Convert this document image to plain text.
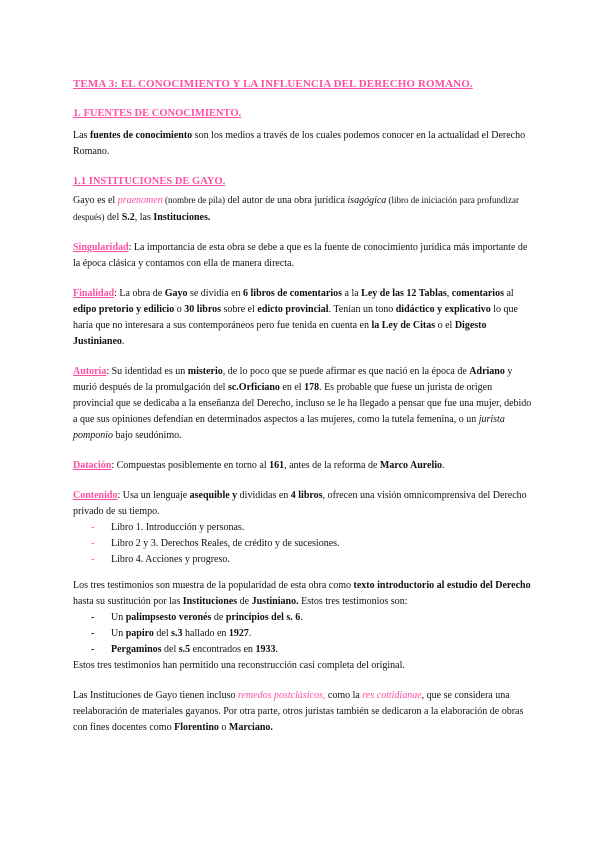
TEMA 3: EL CONOCIMIENTO Y LA INFLUENCIA DEL DERECHO ROMANO.
1. FUENTES DE CONOCIMIENTO.

Las fuentes de conocimiento son los medios a través de los cuales podemos conocer en la actualidad el Derecho Romano.

1.1 INSTITUCIONES DE GAYO.

Gayo es el praenomen (nombre de pila) del autor de una obra jurídica isagógica (libro de iniciación para profundizar después) del S.2, las Instituciones.

Singularidad: La importancia de esta obra se debe a que es la fuente de conocimiento jurídica más importante de la época clásica y contamos con ella de manera directa.

Finalidad: La obra de Gayo se dividía en 6 libros de comentarios a la Ley de las 12 Tablas, comentarios al edipo pretorio y edilicio o 30 libros sobre el edicto provincial. Tenían un tono didáctico y explicativo lo que haría que no interesara a sus contemporáneos pero fue tenida en cuenta en la Ley de Citas o el Digesto Justinianeo.

Autoría: Su identidad es un misterio, de lo poco que se puede afirmar es que nació en la época de Adriano y murió después de la promulgación del sc.Orficiano en el 178. Es probable que fuese un jurista de origen provincial que se dedicaba a la enseñanza del Derecho, incluso se le ha llegado a pensar que fue una mujer, debido a que sus opiniones defendían en determinados aspectos a las mujeres, como la tutela femenina, o un jurista pomponio bajo seudónimo.

Datación: Compuestas posiblemente en torno al 161, antes de la reforma de Marco Aurelio.

Contenido: Usa un lenguaje asequible y divididas en 4 libros, ofrecen una visión omnicomprensiva del Derecho privado de su tiempo.

- Libro 1. Introducción y personas.
- Libro 2 y 3. Derechos Reales, de crédito y de sucesiones.
- Libro 4. Acciones y progreso.

Los tres testimonios son muestra de la popularidad de esta obra como texto introductorio al estudio del Derecho hasta su sustitución por las Instituciones de Justiniano. Estos tres testimonios son:

- Un palimpsesto veronés de principios del s. 6.
- Un papiro del s.3 hallado en 1927.
- Pergaminos del s.5 encontrados en 1933.

Estos tres testimonios han permitido una reconstrucción casi completa del original.

Las Instituciones de Gayo tienen incluso remedos postclásicos, como la res cottidianae, que se considera una reelaboración de materiales gayanos. Por otra parte, otros juristas también se dedicaron a la elaboración de obras con fines docentes como Florentino o Marciano.
